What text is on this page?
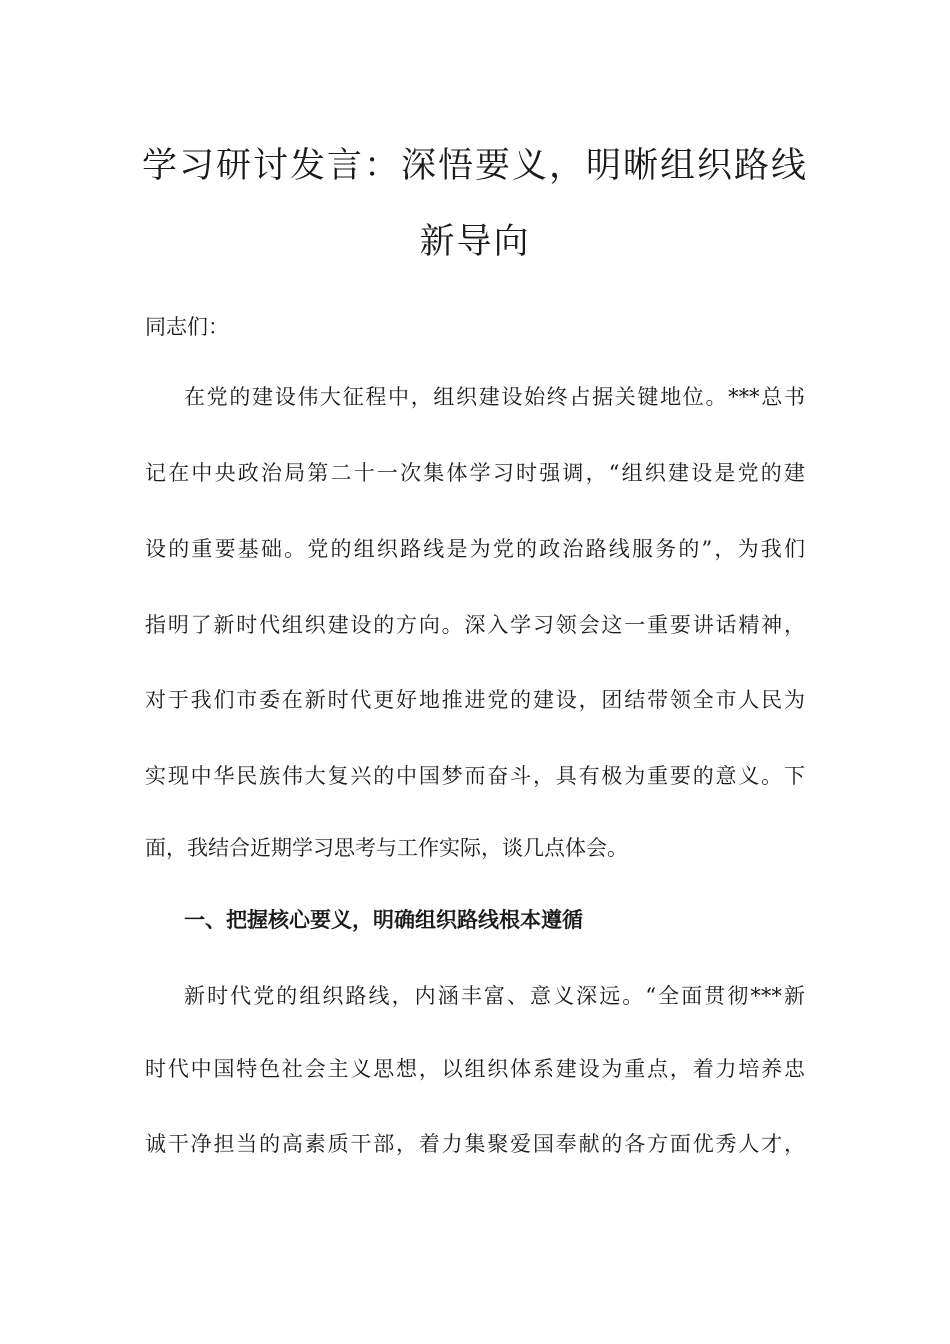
学习研讨发言：深悟要义，明晰组织路线
新导向
同志们：
在党的建设伟大征程中，组织建设始终占据关键地位。***总书
记在中央政治局第二十一次集体学习时强调，“组织建设是党的建
设的重要基础。党的组织路线是为党的政治路线服务的”，为我们
指明了新时代组织建设的方向。深入学习领会这一重要讲话精神，
对于我们市委在新时代更好地推进党的建设，团结带领全市人民为
实现中华民族伟大复兴的中国梦而奋斗，具有极为重要的意义。下
面，我结合近期学习思考与工作实际，谈几点体会。
一、把握核心要义，明确组织路线根本遵循
新时代党的组织路线，内涵丰富、意义深远。“全面贯彻***新
时代中国特色社会主义思想，以组织体系建设为重点，着力培养忠
诚干净担当的高素质干部，着力集聚爱国奉献的各方面优秀人才，
